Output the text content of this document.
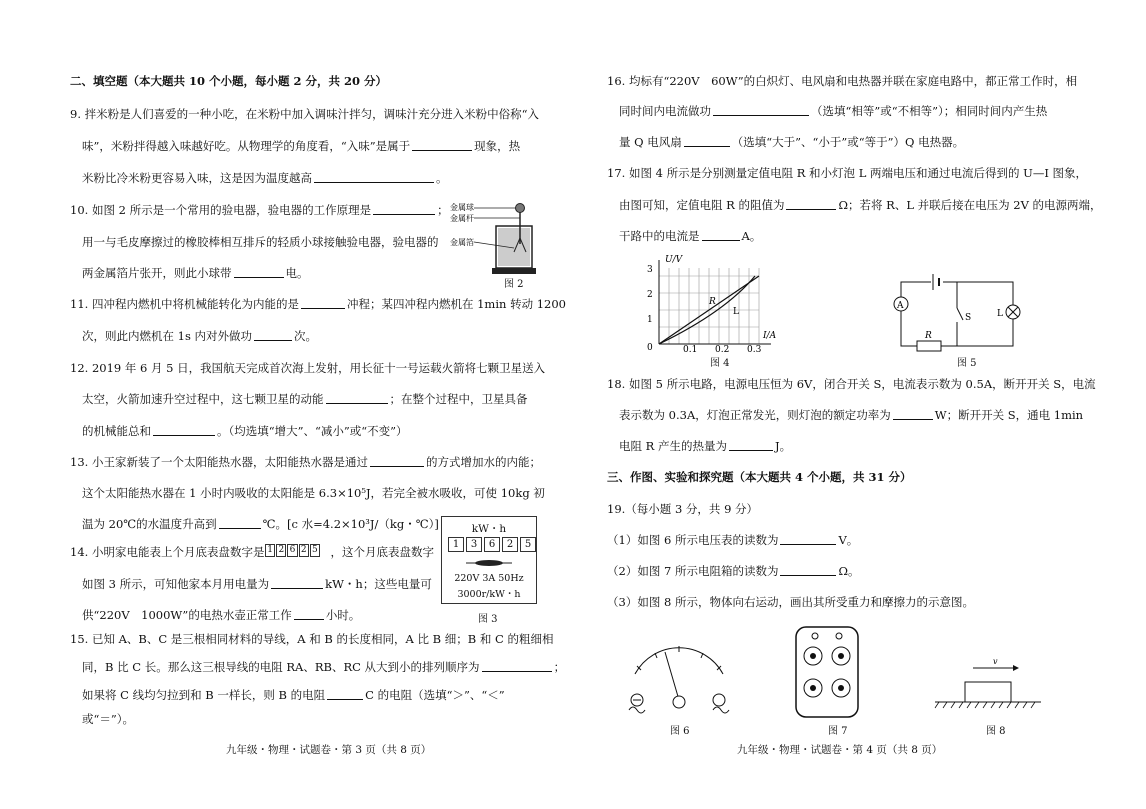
二、填空题（本大题共 10 个小题，每小题 2 分，共 20 分）
9. 拌米粉是人们喜爱的一种小吃，在米粉中加入调味汁拌匀，调味汁充分进入米粉中俗称“入
味”，米粉拌得越入味越好吃。从物理学的角度看，“入味”是属于	现象，热
米粉比冷米粉更容易入味，这是因为温度越高	。
10. 如图 2 所示是一个常用的验电器，验电器的工作原理是	；
用一与毛皮摩擦过的橡胶棒相互排斥的轻质小球接触验电器，验电器的
两金属箔片张开，则此小球带	电。
金属球
金属杆
金属箔
图 2
11. 四冲程内燃机中将机械能转化为内能的是	冲程；某四冲程内燃机在 1min 转动 1200
次，则此内燃机在 1s 内对外做功	次。
12. 2019 年 6 月 5 日，我国航天完成首次海上发射，用长征十一号运载火箭将七颗卫星送入
太空，火箭加速升空过程中，这七颗卫星的动能	；在整个过程中，卫星具备
的机械能总和	。（均选填“增大”、“减小”或“不变”）
13. 小王家新装了一个太阳能热水器，太阳能热水器是通过	的方式增加水的内能；
这个太阳能热水器在 1 小时内吸收的太阳能是 6.3×10⁵J，若完全被水吸收，可使 10kg 初
温为 20℃的水温度升高到	℃。[c 水=4.2×10³J/（kg・℃）]
14. 小明家电能表上个月底表盘数字是	，这个月底表盘数字
1 2 6 2 5
如图 3 所示，可知他家本月用电量为	kW・h；这些电量可
供“220V　1000W”的电热水壶正常工作	小时。
kW・h
1	3	6	2	5
220V 3A 50Hz
3000r/kW・h
图 3
15. 已知 A、B、C 是三根相同材料的导线，A 和 B 的长度相同，A 比 B 细；B 和 C 的粗细相
同，B 比 C 长。那么这三根导线的电阻 RA、RB、RC 从大到小的排列顺序为	；
如果将 C 线均匀拉到和 B 一样长，则 B 的电阻	C 的电阻（选填“＞”、“＜”
或“＝”）。
九年级・物理・试题卷・第 3 页（共 8 页）
16. 均标有“220V　60W”的白炽灯、电风扇和电热器并联在家庭电路中，都正常工作时，相
同时间内电流做功	（选填“相等”或“不相等”）；相同时间内产生热
量 Q 电风扇	（选填“大于”、“小于”或“等于”）Q 电热器。
17. 如图 4 所示是分别测量定值电阻 R 和小灯泡 L 两端电压和通过电流后得到的 U—I 图象，
由图可知，定值电阻 R 的阻值为	Ω；若将 R、L 并联后接在电压为 2V 的电源两端，
干路中的电流是	A。
3
2
1
0	0.1 0.2 0.3
U/V
I/A
R
L
图 4
A
S	L
R
图 5
18. 如图 5 所示电路，电源电压恒为 6V，闭合开关 S，电流表示数为 0.5A，断开开关 S，电流
表示数为 0.3A，灯泡正常发光，则灯泡的额定功率为	W；断开开关 S，通电 1min
电阻 R 产生的热量为	J。
三、作图、实验和探究题（本大题共 4 个小题，共 31 分）
19.（每小题 3 分，共 9 分）
（1）如图 6 所示电压表的读数为	V。
（2）如图 7 所示电阻箱的读数为	Ω。
（3）如图 8 所示，物体向右运动，画出其所受重力和摩擦力的示意图。
图 6	图 7
v
图 8
九年级・物理・试题卷・第 4 页（共 8 页）
